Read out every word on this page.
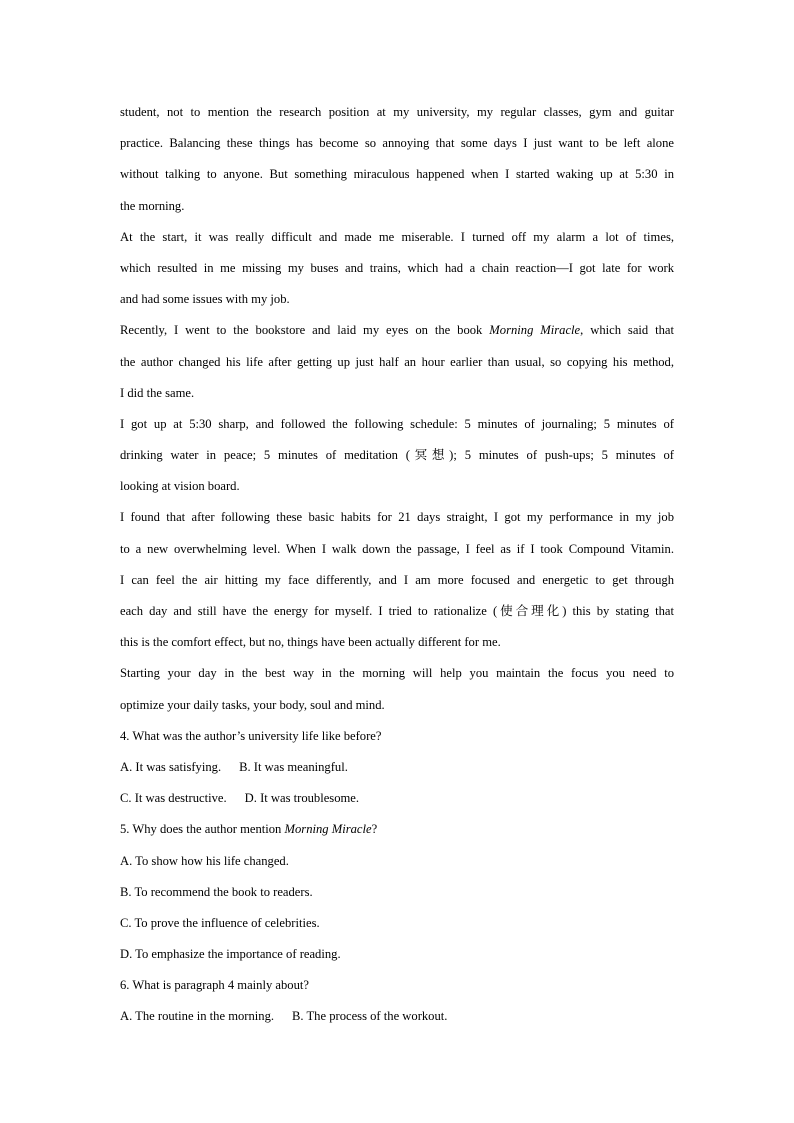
student, not to mention the research position at my university, my regular classes, gym and guitar
practice. Balancing these things has become so annoying that some days I just want to be left alone
without talking to anyone. But something miraculous happened when I started waking up at 5:30 in
the morning.
At the start, it was really difficult and made me miserable. I turned off my alarm a lot of times,
which resulted in me missing my buses and trains, which had a chain reaction—I got late for work
and had some issues with my job.
Recently, I went to the bookstore and laid my eyes on the book Morning Miracle, which said that
the author changed his life after getting up just half an hour earlier than usual, so copying his method,
I did the same.
I got up at 5:30 sharp, and followed the following schedule: 5 minutes of journaling; 5 minutes of
drinking water in peace; 5 minutes of meditation (冥想); 5 minutes of push-ups; 5 minutes of
looking at vision board.
I found that after following these basic habits for 21 days straight, I got my performance in my job
to a new overwhelming level. When I walk down the passage, I feel as if I took Compound Vitamin.
I can feel the air hitting my face differently, and I am more focused and energetic to get through
each day and still have the energy for myself. I tried to rationalize (使合理化) this by stating that
this is the comfort effect, but no, things have been actually different for me.
Starting your day in the best way in the morning will help you maintain the focus you need to
optimize your daily tasks, your body, soul and mind.
4. What was the author’s university life like before?
A. It was satisfying. B. It was meaningful.
C. It was destructive. D. It was troublesome.
5. Why does the author mention Morning Miracle?
A. To show how his life changed.
B. To recommend the book to readers.
C. To prove the influence of celebrities.
D. To emphasize the importance of reading.
6. What is paragraph 4 mainly about?
A. The routine in the morning. B. The process of the workout.
